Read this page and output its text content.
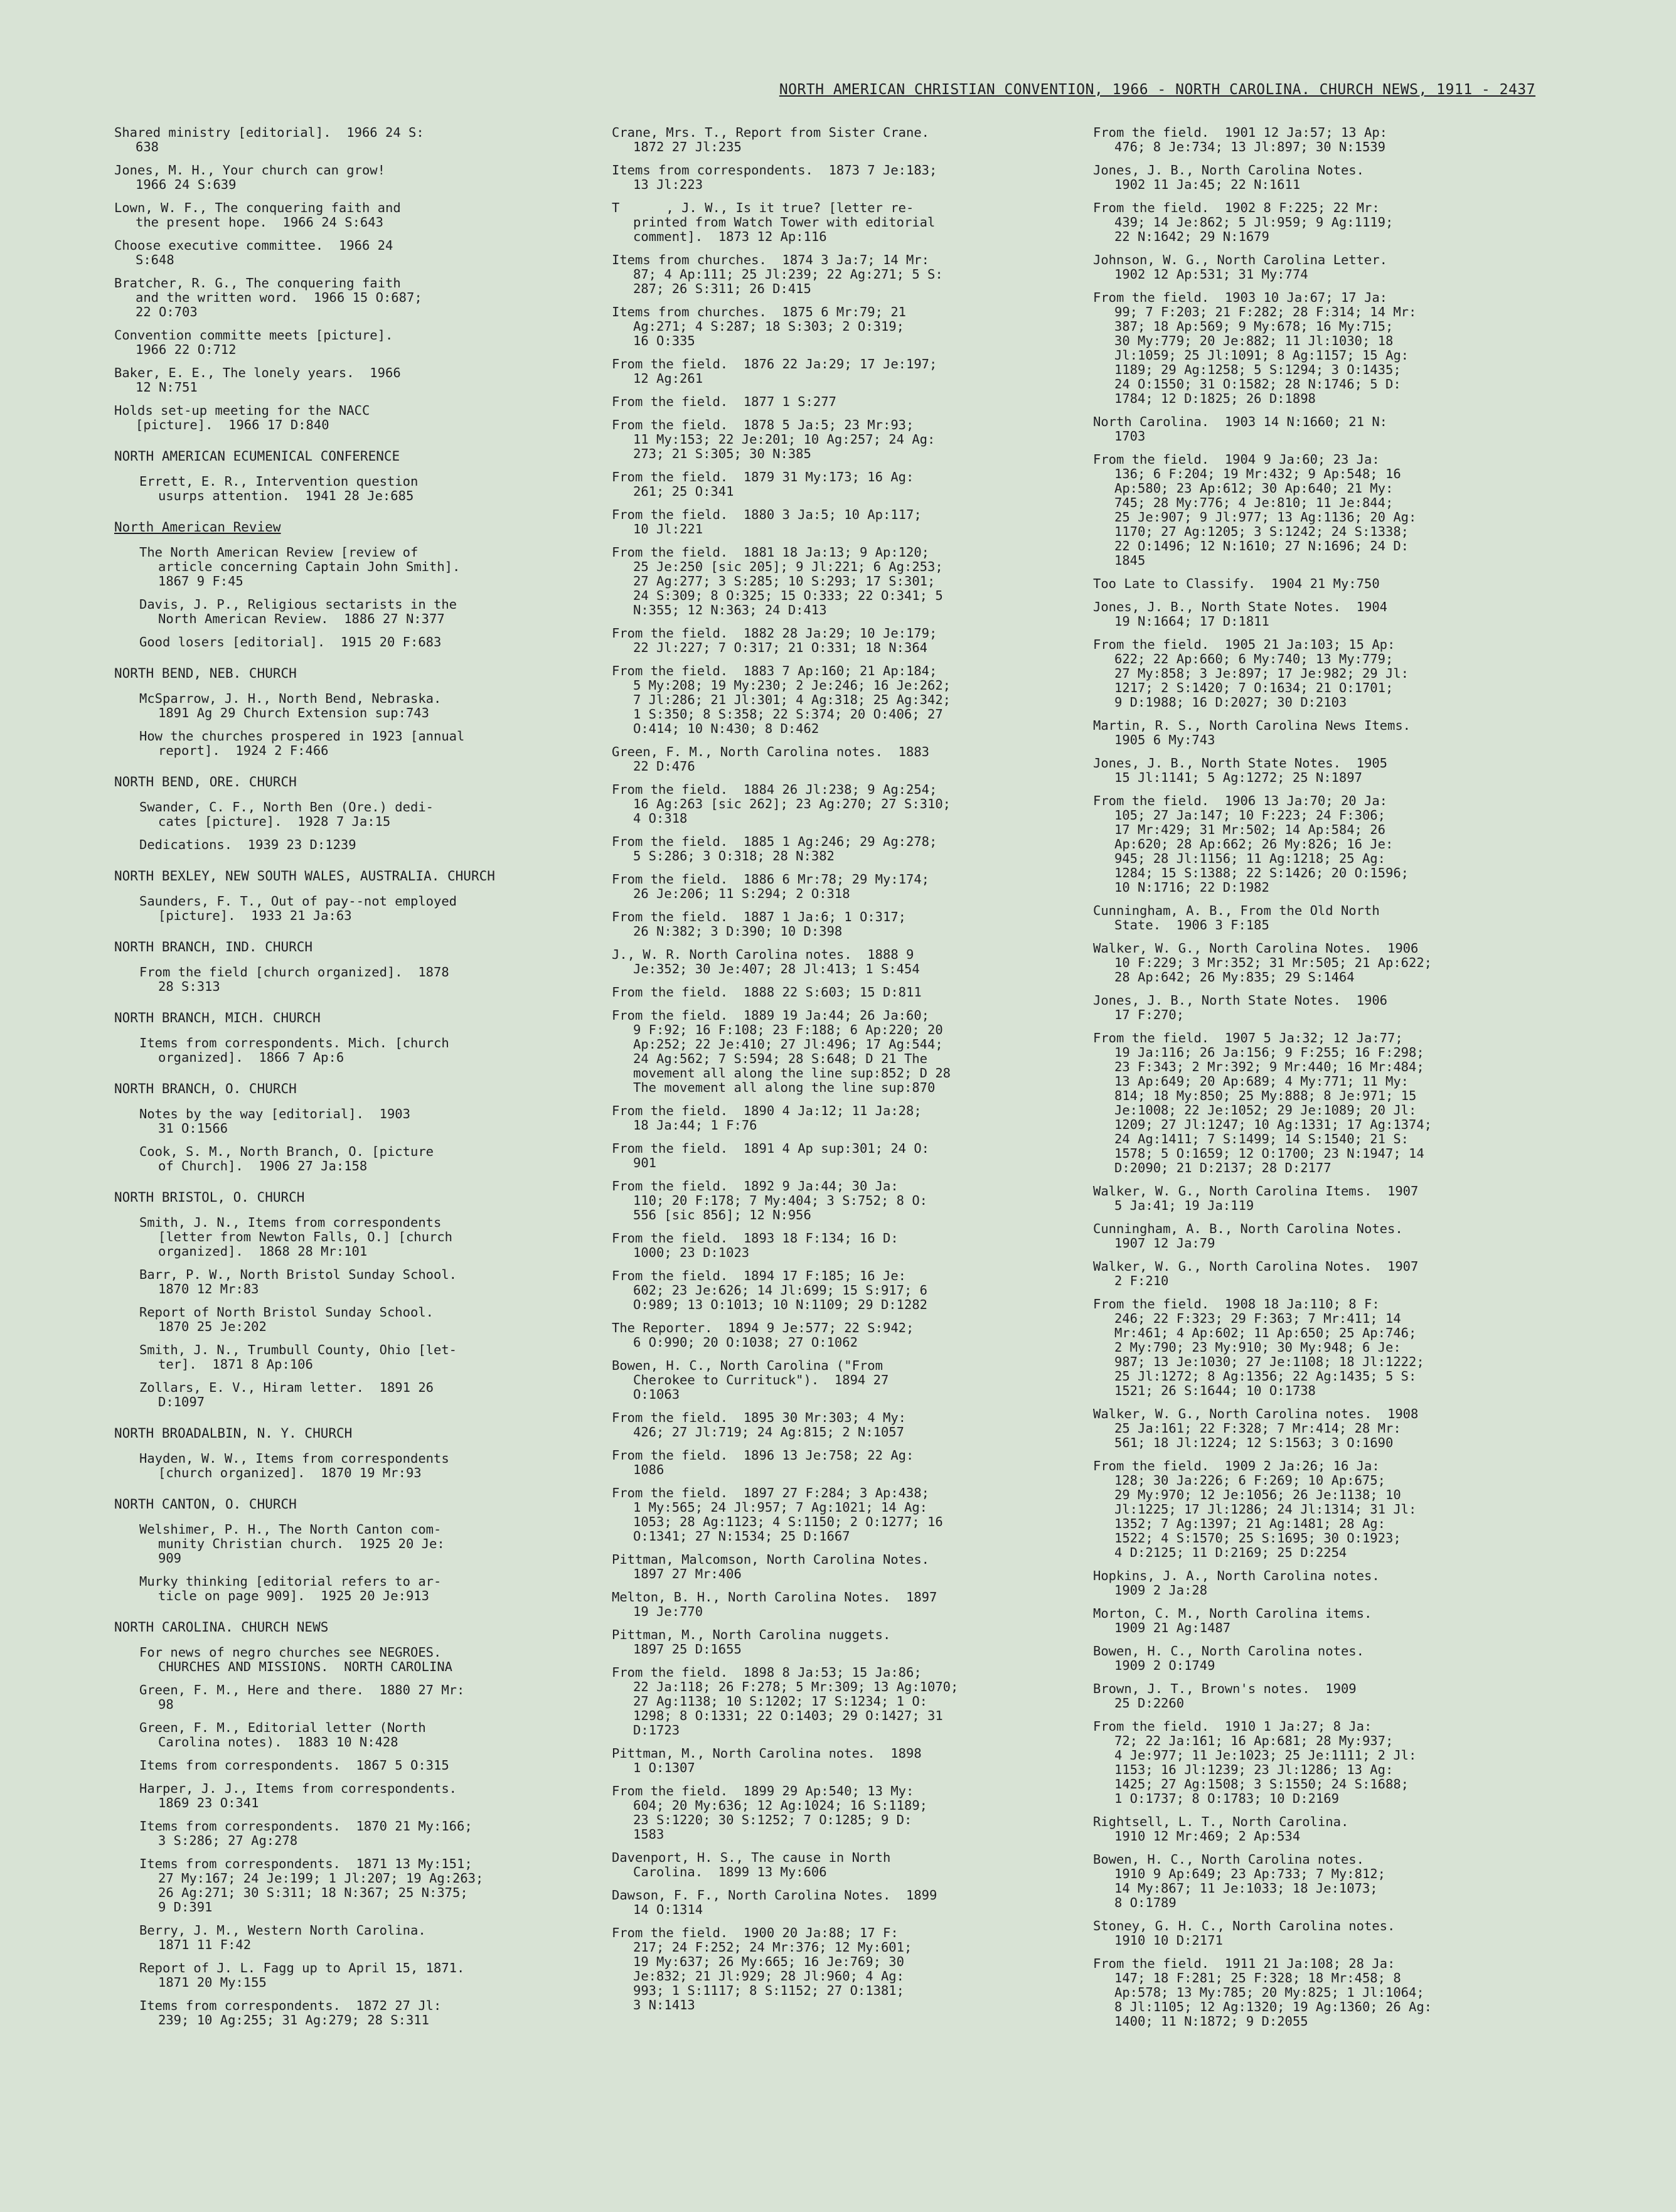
NORTH AMERICAN CHRISTIAN CONVENTION, 1966 - NORTH CAROLINA. CHURCH NEWS, 1911 - 2437
Shared ministry [editorial].  1966 24 S:
638
Jones, M. H., Your church can grow!
1966 24 S:639
Lown, W. F., The conquering faith and
the present hope.  1966 24 S:643
Choose executive committee.  1966 24
S:648
Bratcher, R. G., The conquering faith
and the written word.  1966 15 O:687;
22 O:703
Convention committe meets [picture].
1966 22 O:712
Baker, E. E., The lonely years.  1966
12 N:751
Holds set-up meeting for the NACC
[picture].  1966 17 D:840
NORTH AMERICAN ECUMENICAL CONFERENCE
Errett, E. R., Intervention question
usurps attention.  1941 28 Je:685
North American Review
The North American Review [review of
article concerning Captain John Smith].
1867 9 F:45
Davis, J. P., Religious sectarists in the
North American Review.  1886 27 N:377
Good losers [editorial].  1915 20 F:683
NORTH BEND, NEB. CHURCH
McSparrow, J. H., North Bend, Nebraska.
1891 Ag 29 Church Extension sup:743
How the churches prospered in 1923 [annual
report].  1924 2 F:466
NORTH BEND, ORE. CHURCH
Swander, C. F., North Ben (Ore.) dedi-
cates [picture].  1928 7 Ja:15
Dedications.  1939 23 D:1239
NORTH BEXLEY, NEW SOUTH WALES, AUSTRALIA. CHURCH
Saunders, F. T., Out of pay--not employed
[picture].  1933 21 Ja:63
NORTH BRANCH, IND. CHURCH
From the field [church organized].  1878
28 S:313
NORTH BRANCH, MICH. CHURCH
Items from correspondents. Mich. [church
organized].  1866 7 Ap:6
NORTH BRANCH, O. CHURCH
Notes by the way [editorial].  1903
31 O:1566
Cook, S. M., North Branch, O. [picture
of Church].  1906 27 Ja:158
NORTH BRISTOL, O. CHURCH
Smith, J. N., Items from correspondents
[letter from Newton Falls, O.] [church
organized].  1868 28 Mr:101
Barr, P. W., North Bristol Sunday School.
1870 12 Mr:83
Report of North Bristol Sunday School.
1870 25 Je:202
Smith, J. N., Trumbull County, Ohio [let-
ter].  1871 8 Ap:106
Zollars, E. V., Hiram letter.  1891 26
D:1097
NORTH BROADALBIN, N. Y. CHURCH
Hayden, W. W., Items from correspondents
[church organized].  1870 19 Mr:93
NORTH CANTON, O. CHURCH
Welshimer, P. H., The North Canton com-
munity Christian church.  1925 20 Je:
909
Murky thinking [editorial refers to ar-
ticle on page 909].  1925 20 Je:913
NORTH CAROLINA. CHURCH NEWS
For news of negro churches see NEGROES.
CHURCHES AND MISSIONS.  NORTH CAROLINA
Green, F. M., Here and there.  1880 27 Mr:
98
Green, F. M., Editorial letter (North
Carolina notes).  1883 10 N:428
Items from correspondents.  1867 5 O:315
Harper, J. J., Items from correspondents.
1869 23 O:341
Items from correspondents.  1870 21 My:166;
3 S:286; 27 Ag:278
Items from correspondents.  1871 13 My:151;
27 My:167; 24 Je:199; 1 Jl:207; 19 Ag:263;
26 Ag:271; 30 S:311; 18 N:367; 25 N:375;
9 D:391
Berry, J. M., Western North Carolina.
1871 11 F:42
Report of J. L. Fagg up to April 15, 1871.
1871 20 My:155
Items from correspondents.  1872 27 Jl:
239; 10 Ag:255; 31 Ag:279; 28 S:311
Crane, Mrs. T., Report from Sister Crane.
1872 27 Jl:235
Items from correspondents.  1873 7 Je:183;
13 Jl:223
T      , J. W., Is it true? [letter re-
printed from Watch Tower with editorial
comment].  1873 12 Ap:116
Items from churches.  1874 3 Ja:7; 14 Mr:
87; 4 Ap:111; 25 Jl:239; 22 Ag:271; 5 S:
287; 26 S:311; 26 D:415
Items from churches.  1875 6 Mr:79; 21
Ag:271; 4 S:287; 18 S:303; 2 O:319;
16 O:335
From the field.  1876 22 Ja:29; 17 Je:197;
12 Ag:261
From the field.  1877 1 S:277
From the field.  1878 5 Ja:5; 23 Mr:93;
11 My:153; 22 Je:201; 10 Ag:257; 24 Ag:
273; 21 S:305; 30 N:385
From the field.  1879 31 My:173; 16 Ag:
261; 25 O:341
From the field.  1880 3 Ja:5; 10 Ap:117;
10 Jl:221
From the field.  1881 18 Ja:13; 9 Ap:120;
25 Je:250 [sic 205]; 9 Jl:221; 6 Ag:253;
27 Ag:277; 3 S:285; 10 S:293; 17 S:301;
24 S:309; 8 O:325; 15 O:333; 22 O:341; 5
N:355; 12 N:363; 24 D:413
From the field.  1882 28 Ja:29; 10 Je:179;
22 Jl:227; 7 O:317; 21 O:331; 18 N:364
From the field.  1883 7 Ap:160; 21 Ap:184;
5 My:208; 19 My:230; 2 Je:246; 16 Je:262;
7 Jl:286; 21 Jl:301; 4 Ag:318; 25 Ag:342;
1 S:350; 8 S:358; 22 S:374; 20 O:406; 27
O:414; 10 N:430; 8 D:462
Green, F. M., North Carolina notes.  1883
22 D:476
From the field.  1884 26 Jl:238; 9 Ag:254;
16 Ag:263 [sic 262]; 23 Ag:270; 27 S:310;
4 O:318
From the field.  1885 1 Ag:246; 29 Ag:278;
5 S:286; 3 O:318; 28 N:382
From the field.  1886 6 Mr:78; 29 My:174;
26 Je:206; 11 S:294; 2 O:318
From the field.  1887 1 Ja:6; 1 O:317;
26 N:382; 3 D:390; 10 D:398
J., W. R. North Carolina notes.  1888 9
Je:352; 30 Je:407; 28 Jl:413; 1 S:454
From the field.  1888 22 S:603; 15 D:811
From the field.  1889 19 Ja:44; 26 Ja:60;
9 F:92; 16 F:108; 23 F:188; 6 Ap:220; 20
Ap:252; 22 Je:410; 27 Jl:496; 17 Ag:544;
24 Ag:562; 7 S:594; 28 S:648; D 21 The
movement all along the line sup:852; D 28
The movement all along the line sup:870
From the field.  1890 4 Ja:12; 11 Ja:28;
18 Ja:44; 1 F:76
From the field.  1891 4 Ap sup:301; 24 O:
901
From the field.  1892 9 Ja:44; 30 Ja:
110; 20 F:178; 7 My:404; 3 S:752; 8 O:
556 [sic 856]; 12 N:956
From the field.  1893 18 F:134; 16 D:
1000; 23 D:1023
From the field.  1894 17 F:185; 16 Je:
602; 23 Je:626; 14 Jl:699; 15 S:917; 6
O:989; 13 O:1013; 10 N:1109; 29 D:1282
The Reporter.  1894 9 Je:577; 22 S:942;
6 O:990; 20 O:1038; 27 O:1062
Bowen, H. C., North Carolina ("From
Cherokee to Currituck").  1894 27
O:1063
From the field.  1895 30 Mr:303; 4 My:
426; 27 Jl:719; 24 Ag:815; 2 N:1057
From the field.  1896 13 Je:758; 22 Ag:
1086
From the field.  1897 27 F:284; 3 Ap:438;
1 My:565; 24 Jl:957; 7 Ag:1021; 14 Ag:
1053; 28 Ag:1123; 4 S:1150; 2 O:1277; 16
O:1341; 27 N:1534; 25 D:1667
Pittman, Malcomson, North Carolina Notes.
1897 27 Mr:406
Melton, B. H., North Carolina Notes.  1897
19 Je:770
Pittman, M., North Carolina nuggets.
1897 25 D:1655
From the field.  1898 8 Ja:53; 15 Ja:86;
22 Ja:118; 26 F:278; 5 Mr:309; 13 Ag:1070;
27 Ag:1138; 10 S:1202; 17 S:1234; 1 O:
1298; 8 O:1331; 22 O:1403; 29 O:1427; 31
D:1723
Pittman, M., North Carolina notes.  1898
1 O:1307
From the field.  1899 29 Ap:540; 13 My:
604; 20 My:636; 12 Ag:1024; 16 S:1189;
23 S:1220; 30 S:1252; 7 O:1285; 9 D:
1583
Davenport, H. S., The cause in North
Carolina.  1899 13 My:606
Dawson, F. F., North Carolina Notes.  1899
14 O:1314
From the field.  1900 20 Ja:88; 17 F:
217; 24 F:252; 24 Mr:376; 12 My:601;
19 My:637; 26 My:665; 16 Je:769; 30
Je:832; 21 Jl:929; 28 Jl:960; 4 Ag:
993; 1 S:1117; 8 S:1152; 27 O:1381;
3 N:1413
From the field.  1901 12 Ja:57; 13 Ap:
476; 8 Je:734; 13 Jl:897; 30 N:1539
Jones, J. B., North Carolina Notes.
1902 11 Ja:45; 22 N:1611
From the field.  1902 8 F:225; 22 Mr:
439; 14 Je:862; 5 Jl:959; 9 Ag:1119;
22 N:1642; 29 N:1679
Johnson, W. G., North Carolina Letter.
1902 12 Ap:531; 31 My:774
From the field.  1903 10 Ja:67; 17 Ja:
99; 7 F:203; 21 F:282; 28 F:314; 14 Mr:
387; 18 Ap:569; 9 My:678; 16 My:715;
30 My:779; 20 Je:882; 11 Jl:1030; 18
Jl:1059; 25 Jl:1091; 8 Ag:1157; 15 Ag:
1189; 29 Ag:1258; 5 S:1294; 3 O:1435;
24 O:1550; 31 O:1582; 28 N:1746; 5 D:
1784; 12 D:1825; 26 D:1898
North Carolina.  1903 14 N:1660; 21 N:
1703
From the field.  1904 9 Ja:60; 23 Ja:
136; 6 F:204; 19 Mr:432; 9 Ap:548; 16
Ap:580; 23 Ap:612; 30 Ap:640; 21 My:
745; 28 My:776; 4 Je:810; 11 Je:844;
25 Je:907; 9 Jl:977; 13 Ag:1136; 20 Ag:
1170; 27 Ag:1205; 3 S:1242; 24 S:1338;
22 O:1496; 12 N:1610; 27 N:1696; 24 D:
1845
Too Late to Classify.  1904 21 My:750
Jones, J. B., North State Notes.  1904
19 N:1664; 17 D:1811
From the field.  1905 21 Ja:103; 15 Ap:
622; 22 Ap:660; 6 My:740; 13 My:779;
27 My:858; 3 Je:897; 17 Je:982; 29 Jl:
1217; 2 S:1420; 7 O:1634; 21 O:1701;
9 D:1988; 16 D:2027; 30 D:2103
Martin, R. S., North Carolina News Items.
1905 6 My:743
Jones, J. B., North State Notes.  1905
15 Jl:1141; 5 Ag:1272; 25 N:1897
From the field.  1906 13 Ja:70; 20 Ja:
105; 27 Ja:147; 10 F:223; 24 F:306;
17 Mr:429; 31 Mr:502; 14 Ap:584; 26
Ap:620; 28 Ap:662; 26 My:826; 16 Je:
945; 28 Jl:1156; 11 Ag:1218; 25 Ag:
1284; 15 S:1388; 22 S:1426; 20 O:1596;
10 N:1716; 22 D:1982
Cunningham, A. B., From the Old North
State.  1906 3 F:185
Walker, W. G., North Carolina Notes.  1906
10 F:229; 3 Mr:352; 31 Mr:505; 21 Ap:622;
28 Ap:642; 26 My:835; 29 S:1464
Jones, J. B., North State Notes.  1906
17 F:270;
From the field.  1907 5 Ja:32; 12 Ja:77;
19 Ja:116; 26 Ja:156; 9 F:255; 16 F:298;
23 F:343; 2 Mr:392; 9 Mr:440; 16 Mr:484;
13 Ap:649; 20 Ap:689; 4 My:771; 11 My:
814; 18 My:850; 25 My:888; 8 Je:971; 15
Je:1008; 22 Je:1052; 29 Je:1089; 20 Jl:
1209; 27 Jl:1247; 10 Ag:1331; 17 Ag:1374;
24 Ag:1411; 7 S:1499; 14 S:1540; 21 S:
1578; 5 O:1659; 12 O:1700; 23 N:1947; 14
D:2090; 21 D:2137; 28 D:2177
Walker, W. G., North Carolina Items.  1907
5 Ja:41; 19 Ja:119
Cunningham, A. B., North Carolina Notes.
1907 12 Ja:79
Walker, W. G., North Carolina Notes.  1907
2 F:210
From the field.  1908 18 Ja:110; 8 F:
246; 22 F:323; 29 F:363; 7 Mr:411; 14
Mr:461; 4 Ap:602; 11 Ap:650; 25 Ap:746;
2 My:790; 23 My:910; 30 My:948; 6 Je:
987; 13 Je:1030; 27 Je:1108; 18 Jl:1222;
25 Jl:1272; 8 Ag:1356; 22 Ag:1435; 5 S:
1521; 26 S:1644; 10 O:1738
Walker, W. G., North Carolina notes.  1908
25 Ja:161; 22 F:328; 7 Mr:414; 28 Mr:
561; 18 Jl:1224; 12 S:1563; 3 O:1690
From the field.  1909 2 Ja:26; 16 Ja:
128; 30 Ja:226; 6 F:269; 10 Ap:675;
29 My:970; 12 Je:1056; 26 Je:1138; 10
Jl:1225; 17 Jl:1286; 24 Jl:1314; 31 Jl:
1352; 7 Ag:1397; 21 Ag:1481; 28 Ag:
1522; 4 S:1570; 25 S:1695; 30 O:1923;
4 D:2125; 11 D:2169; 25 D:2254
Hopkins, J. A., North Carolina notes.
1909 2 Ja:28
Morton, C. M., North Carolina items.
1909 21 Ag:1487
Bowen, H. C., North Carolina notes.
1909 2 O:1749
Brown, J. T., Brown's notes.  1909
25 D:2260
From the field.  1910 1 Ja:27; 8 Ja:
72; 22 Ja:161; 16 Ap:681; 28 My:937;
4 Je:977; 11 Je:1023; 25 Je:1111; 2 Jl:
1153; 16 Jl:1239; 23 Jl:1286; 13 Ag:
1425; 27 Ag:1508; 3 S:1550; 24 S:1688;
1 O:1737; 8 O:1783; 10 D:2169
Rightsell, L. T., North Carolina.
1910 12 Mr:469; 2 Ap:534
Bowen, H. C., North Carolina notes.
1910 9 Ap:649; 23 Ap:733; 7 My:812;
14 My:867; 11 Je:1033; 18 Je:1073;
8 O:1789
Stoney, G. H. C., North Carolina notes.
1910 10 D:2171
From the field.  1911 21 Ja:108; 28 Ja:
147; 18 F:281; 25 F:328; 18 Mr:458; 8
Ap:578; 13 My:785; 20 My:825; 1 Jl:1064;
8 Jl:1105; 12 Ag:1320; 19 Ag:1360; 26 Ag:
1400; 11 N:1872; 9 D:2055
